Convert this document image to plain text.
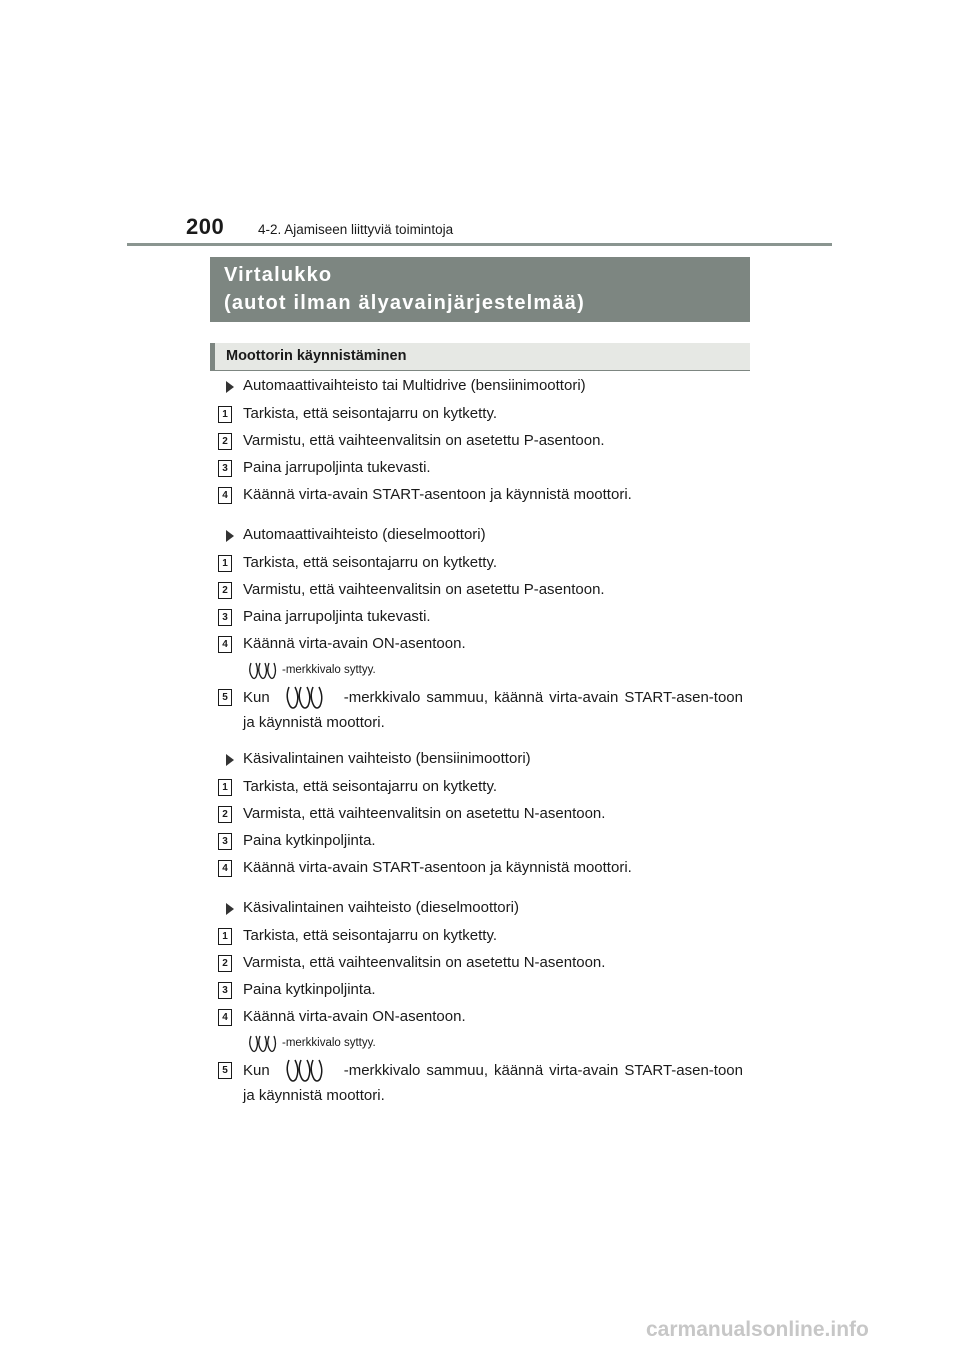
200	4-2. Ajamiseen liittyviä toimintoja
Virtalukko
(autot ilman älyavainjärjestelmää)
Moottorin käynnistäminen
Automaattivaihteisto tai Multidrive (bensiinimoottori)
1 Tarkista, että seisontajarru on kytketty.
2 Varmistu, että vaihteenvalitsin on asetettu P-asentoon.
3 Paina jarrupoljinta tukevasti.
4 Käännä virta-avain START-asentoon ja käynnistä moottori.
Automaattivaihteisto (dieselmoottori)
1 Tarkista, että seisontajarru on kytketty.
2 Varmistu, että vaihteenvalitsin on asetettu P-asentoon.
3 Paina jarrupoljinta tukevasti.
4 Käännä virta-avain ON-asentoon.
-merkkivalo syttyy.
5 Kun	-merkkivalo sammuu, käännä virta-avain START-asen-toon ja käynnistä moottori.
Käsivalintainen vaihteisto (bensiinimoottori)
1 Tarkista, että seisontajarru on kytketty.
2 Varmista, että vaihteenvalitsin on asetettu N-asentoon.
3 Paina kytkinpoljinta.
4 Käännä virta-avain START-asentoon ja käynnistä moottori.
Käsivalintainen vaihteisto (dieselmoottori)
1 Tarkista, että seisontajarru on kytketty.
2 Varmista, että vaihteenvalitsin on asetettu N-asentoon.
3 Paina kytkinpoljinta.
4 Käännä virta-avain ON-asentoon.
-merkkivalo syttyy.
5 Kun	-merkkivalo sammuu, käännä virta-avain START-asen-toon ja käynnistä moottori.
carmanualsonline.info
